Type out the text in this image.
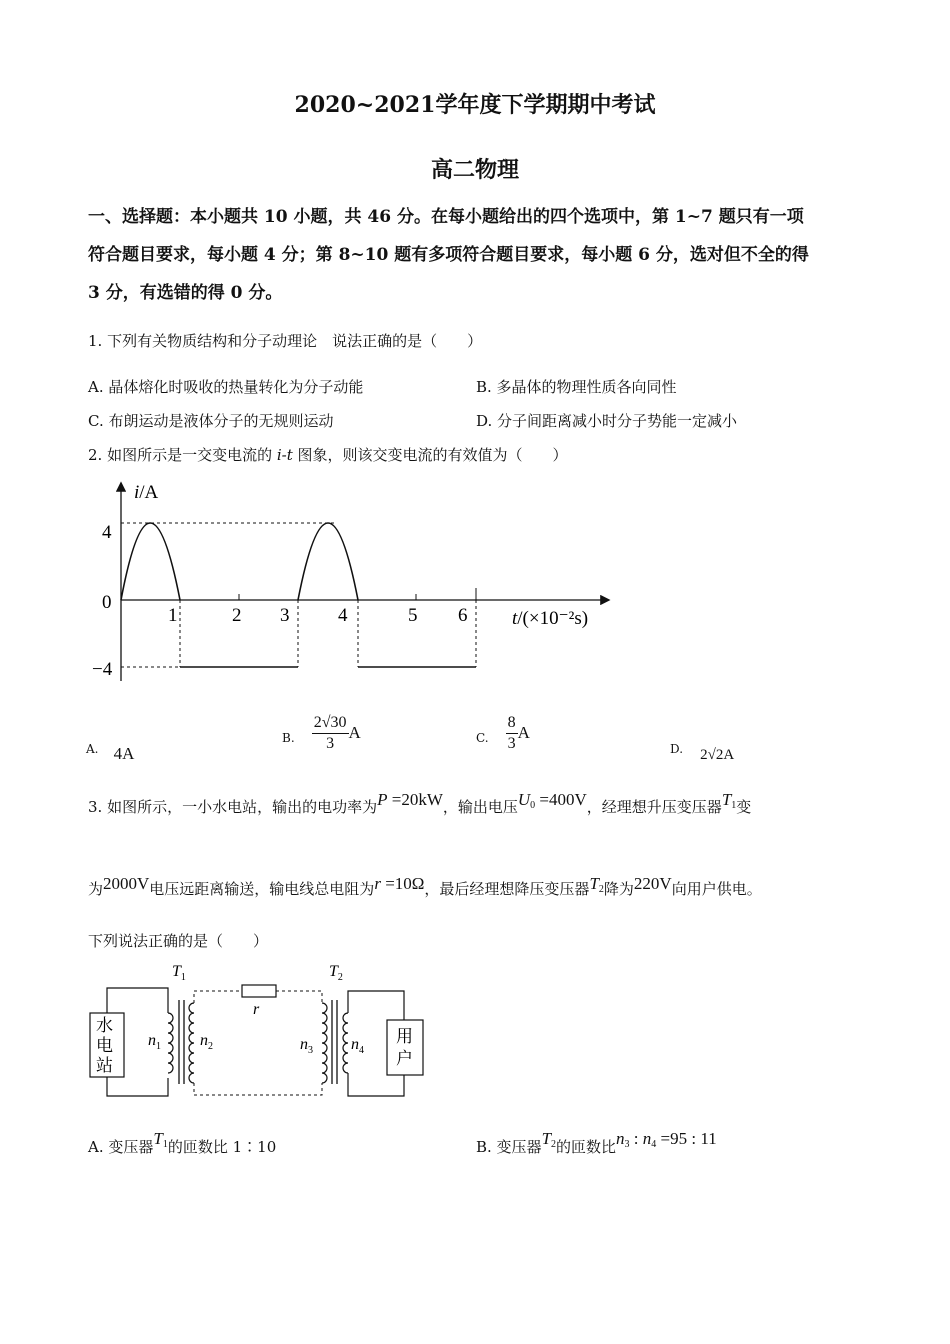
2020~2021学年度下学期期中考试
高二物理
一、选择题：本小题共 10 小题，共 46 分。在每小题给出的四个选项中，第 1~7 题只有一项
符合题目要求，每小题 4 分；第 8~10 题有多项符合题目要求，每小题 6 分，选对但不全的得
3 分，有选错的得 0 分。
1. 下列有关物质结构和分子动理论　说法正确的是（　　）
A. 晶体熔化时吸收的热量转化为分子动能	B. 多晶体的物理性质各向同性
C. 布朗运动是液体分子的无规则运动	D. 分子间距离减小时分子势能一定减小
2. 如图所示是一交变电流的 i-t 图象，则该交变电流的有效值为（　　）
i/A
t/(×10⁻²s)
4
0
−4
1	2 3	4	5 6
A. 4A
$_{B.} \frac{2√30}{3}$ A	$_{C.} \frac{8}{3}$ A
D. 2√2A
3. 如图所示，一小水电站，输出的电功率为P =20kW，输出电压$U_0 =400V$，经理想升压变压器$T_1$变
为2000V电压远距离输送，输电线总电阻为r =10Ω，最后经理想降压变压器$T_2$降为220V向用户供电。
下列说法正确的是（　　）
水
电
站
用
户
$T_1$	$T_2$
r
$n_1$ $n_2$	$n_3$ $n_4$
A. 变压器$T_1$的匝数比 1∶10	B. 变压器$T_2$的匝数比$n_3$ : $n_4 =95$ : 11
